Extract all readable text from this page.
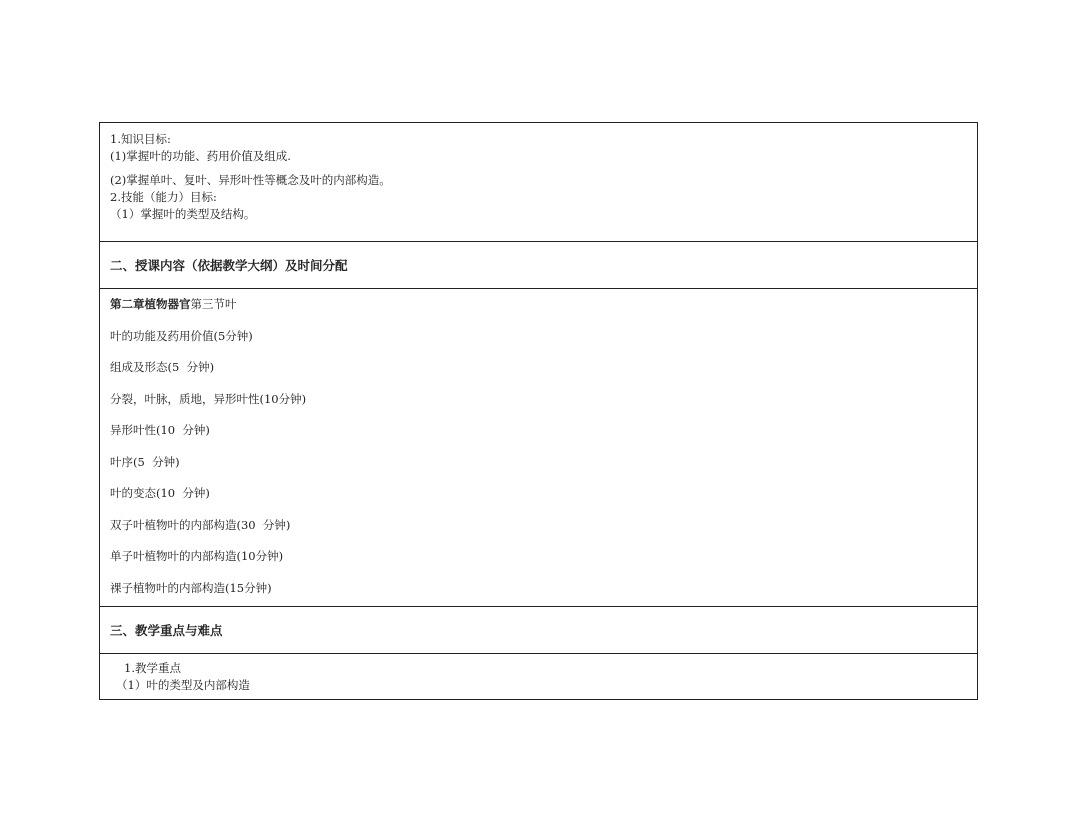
1.知识目标:
(1)掌握叶的功能、药用价值及组成.
(2)掌握单叶、复叶、异形叶性等概念及叶的内部构造。
2.技能（能力）目标:
（1）掌握叶的类型及结构。
二、授课内容（依据教学大纲）及时间分配
第二章植物器官第三节叶
叶的功能及药用价值(5分钟)
组成及形态(5  分钟)
分裂，叶脉，质地，异形叶性(10分钟)
异形叶性(10  分钟)
叶序(5  分钟)
叶的变态(10  分钟)
双子叶植物叶的内部构造(30  分钟)
单子叶植物叶的内部构造(10分钟)
裸子植物叶的内部构造(15分钟)
三、教学重点与难点
1.教学重点
（1）叶的类型及内部构造
